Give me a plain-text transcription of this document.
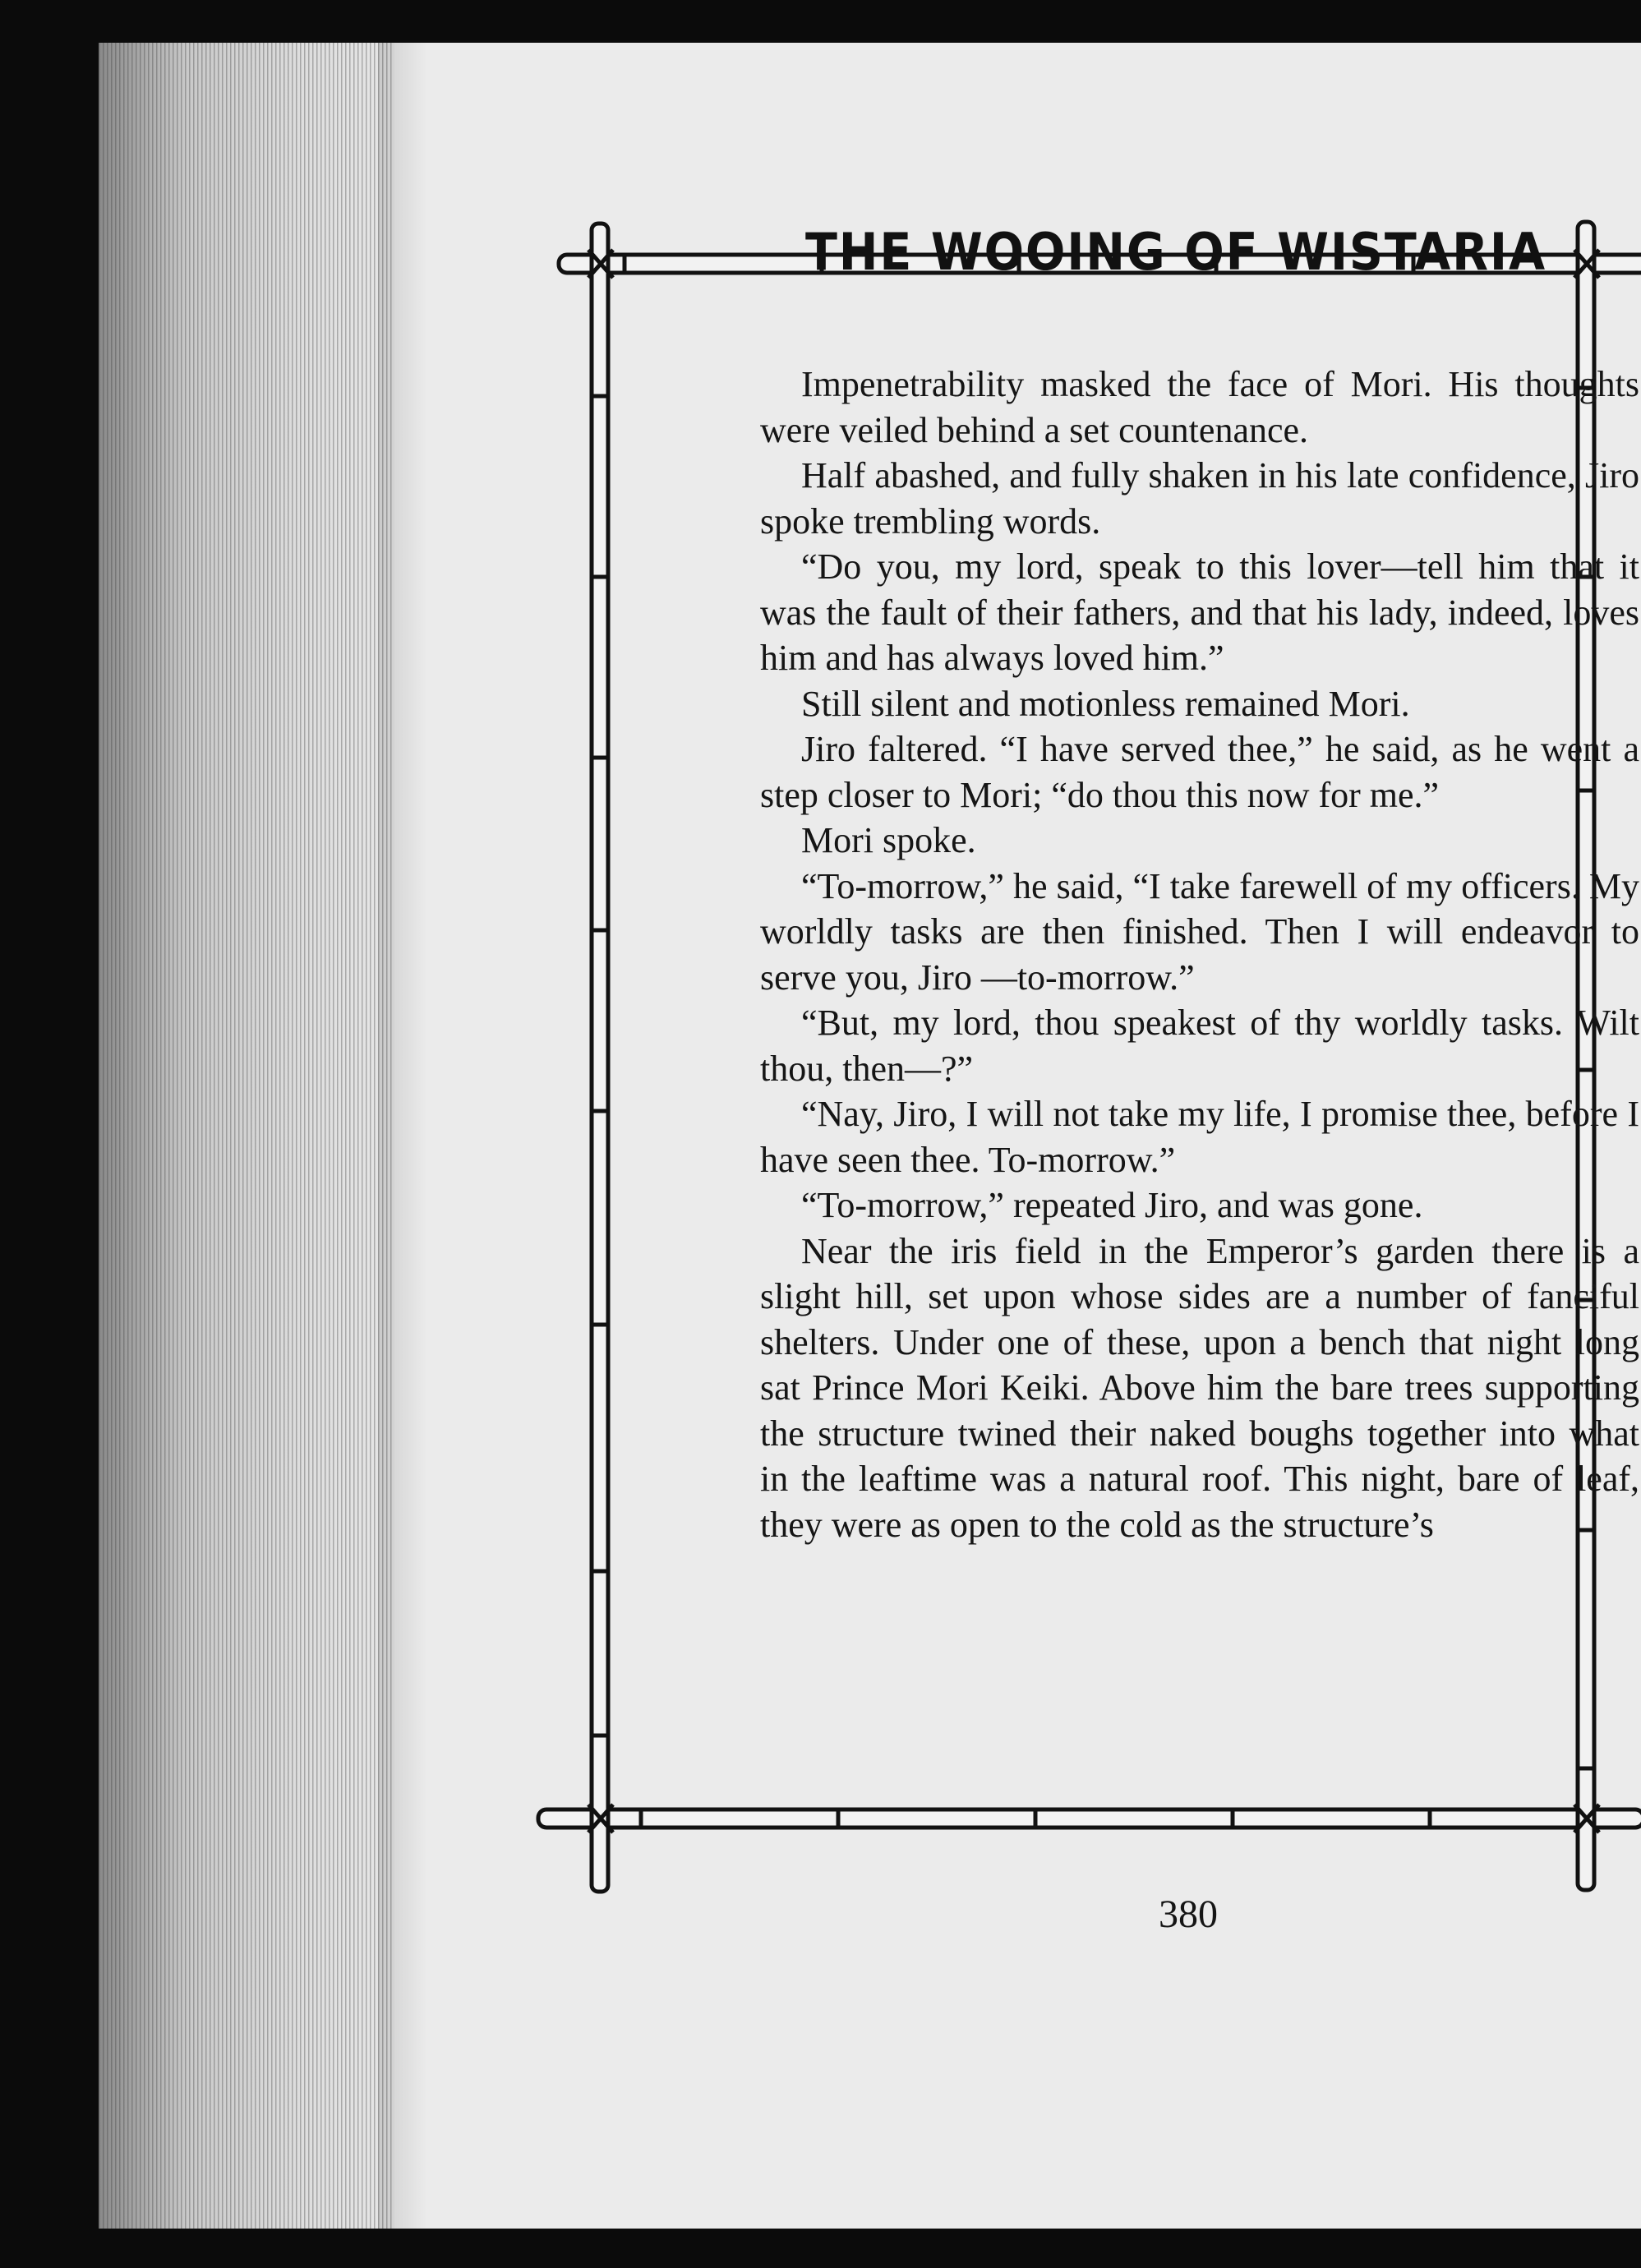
THE WOOING OF WISTARIA

Impenetrability masked the face of Mori. His thoughts were veiled behind a set countenance.

Half abashed, and fully shaken in his late confidence, Jiro spoke trembling words.

“Do you, my lord, speak to this lover—tell him that it was the fault of their fathers, and that his lady, indeed, loves him and has always loved him.”

Still silent and motionless remained Mori.

Jiro faltered. “I have served thee,” he said, as he went a step closer to Mori; “do thou this now for me.”

Mori spoke.

“To-morrow,” he said, “I take farewell of my officers. My worldly tasks are then finished. Then I will endeavor to serve you, Jiro —to-morrow.”

“But, my lord, thou speakest of thy worldly tasks. Wilt thou, then—?”

“Nay, Jiro, I will not take my life, I promise thee, before I have seen thee. To-morrow.”

“To-morrow,” repeated Jiro, and was gone.

Near the iris field in the Emperor’s garden there is a slight hill, set upon whose sides are a number of fanciful shelters. Under one of these, upon a bench that night long sat Prince Mori Keiki. Above him the bare trees supporting the structure twined their naked boughs together into what in the leaftime was a natural roof. This night, bare of leaf, they were as open to the cold as the structure’s

380
